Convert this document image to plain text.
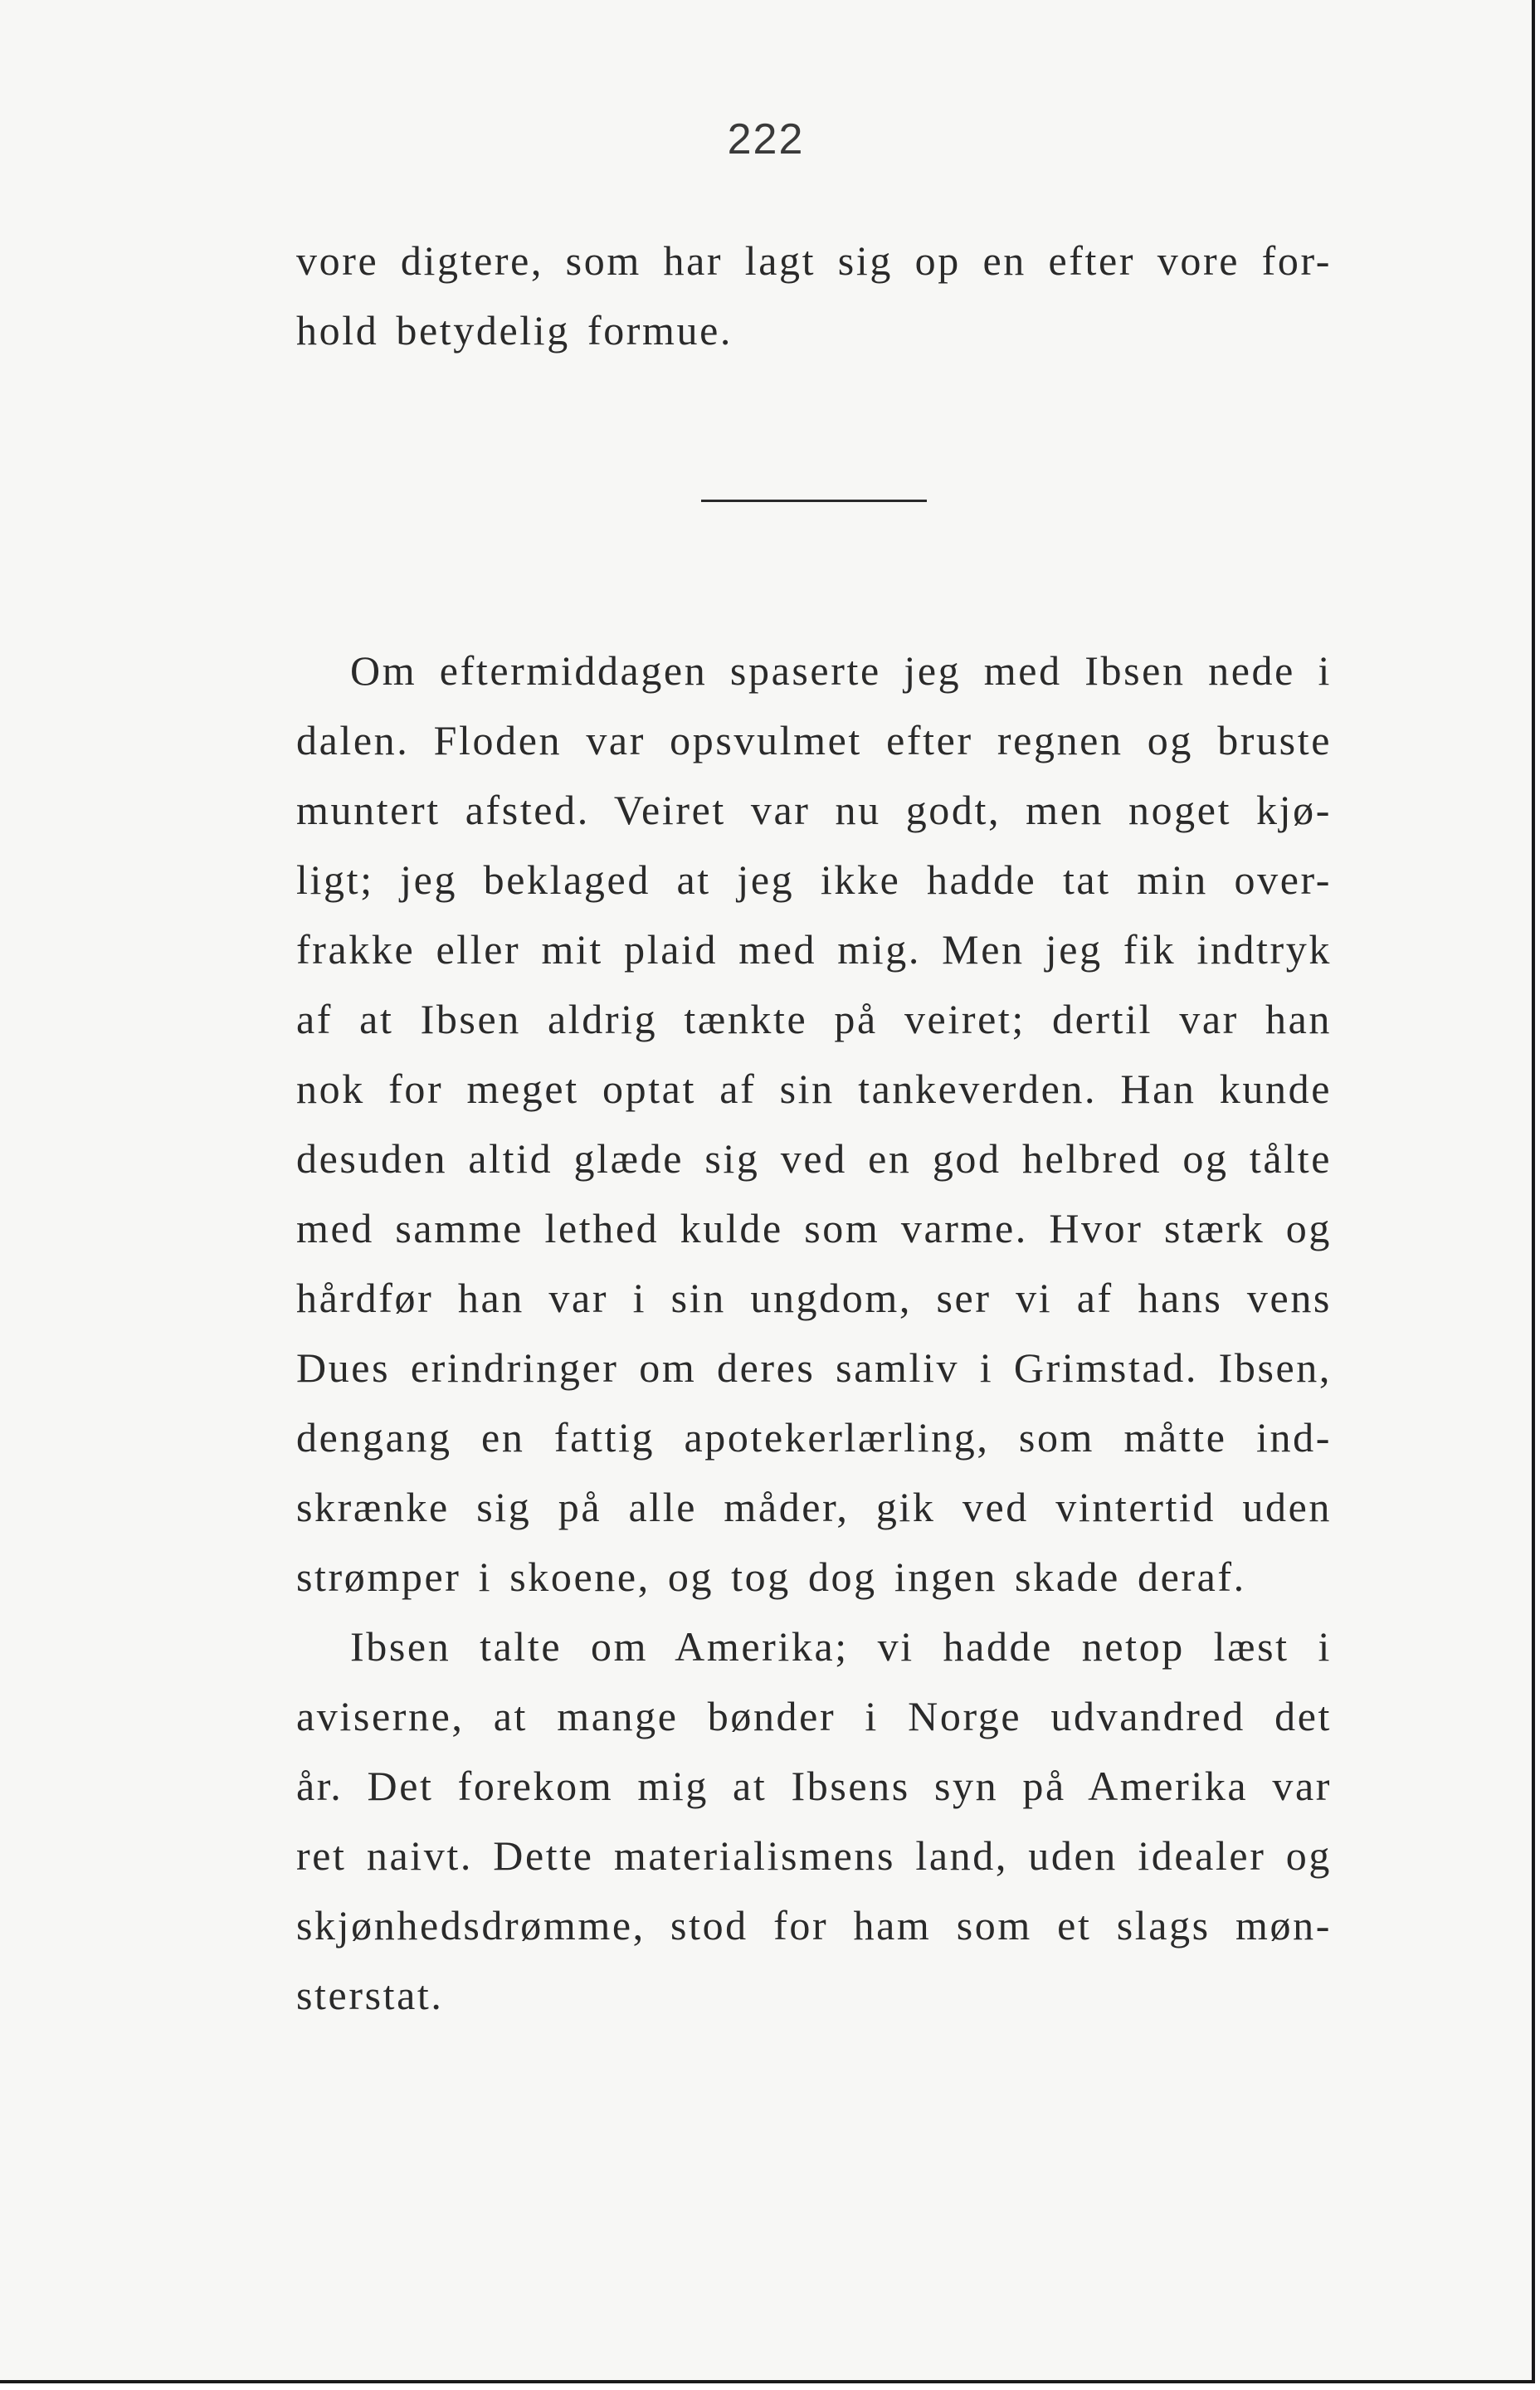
222
vore digtere, som har lagt sig op en efter vore for-
hold betydelig formue.
Om eftermiddagen spaserte jeg med Ibsen nede i
dalen. Floden var opsvulmet efter regnen og bruste
muntert afsted. Veiret var nu godt, men noget kjø-
ligt; jeg beklaged at jeg ikke hadde tat min over-
frakke eller mit plaid med mig. Men jeg fik indtryk
af at Ibsen aldrig tænkte på veiret; dertil var han
nok for meget optat af sin tankeverden. Han kunde
desuden altid glæde sig ved en god helbred og tålte
med samme lethed kulde som varme. Hvor stærk og
hårdfør han var i sin ungdom, ser vi af hans vens
Dues erindringer om deres samliv i Grimstad. Ibsen,
dengang en fattig apotekerlærling, som måtte ind-
skrænke sig på alle måder, gik ved vintertid uden
strømper i skoene, og tog dog ingen skade deraf.
Ibsen talte om Amerika; vi hadde netop læst i
aviserne, at mange bønder i Norge udvandred det
år. Det forekom mig at Ibsens syn på Amerika var
ret naivt. Dette materialismens land, uden idealer og
skjønhedsdrømme, stod for ham som et slags møn-
sterstat.
